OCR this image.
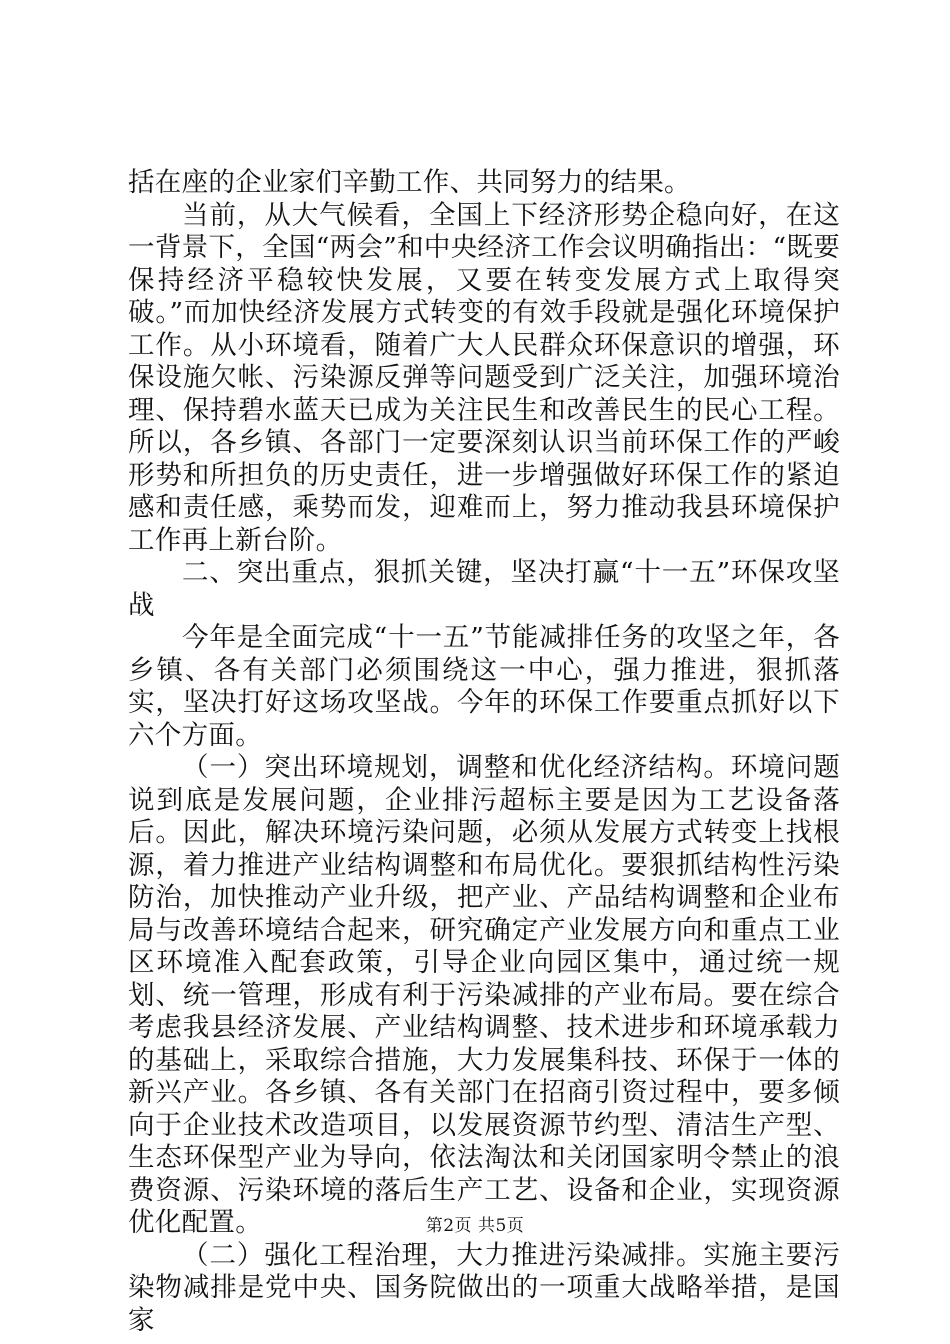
括在座的企业家们辛勤工作、共同努力的结果。

当前，从大气候看，全国上下经济形势企稳向好，在这一背景下，全国“两会”和中央经济工作会议明确指出：“既要保持经济平稳较快发展，又要在转变发展方式上取得突破。”而加快经济发展方式转变的有效手段就是强化环境保护工作。从小环境看，随着广大人民群众环保意识的增强，环保设施欠帐、污染源反弹等问题受到广泛关注，加强环境治理、保持碧水蓝天已成为关注民生和改善民生的民心工程。所以，各乡镇、各部门一定要深刻认识当前环保工作的严峻形势和所担负的历史责任，进一步增强做好环保工作的紧迫感和责任感，乘势而发，迎难而上，努力推动我县环境保护工作再上新台阶。

二、突出重点，狠抓关键，坚决打赢“十一五”环保攻坚战

今年是全面完成“十一五”节能减排任务的攻坚之年，各乡镇、各有关部门必须围绕这一中心，强力推进，狠抓落实，坚决打好这场攻坚战。今年的环保工作要重点抓好以下六个方面。

（一）突出环境规划，调整和优化经济结构。环境问题说到底是发展问题，企业排污超标主要是因为工艺设备落后。因此，解决环境污染问题，必须从发展方式转变上找根源，着力推进产业结构调整和布局优化。要狠抓结构性污染防治，加快推动产业升级，把产业、产品结构调整和企业布局与改善环境结合起来，研究确定产业发展方向和重点工业区环境准入配套政策，引导企业向园区集中，通过统一规划、统一管理，形成有利于污染减排的产业布局。要在综合考虑我县经济发展、产业结构调整、技术进步和环境承载力的基础上，采取综合措施，大力发展集科技、环保于一体的新兴产业。各乡镇、各有关部门在招商引资过程中，要多倾向于企业技术改造项目，以发展资源节约型、清洁生产型、生态环保型产业为导向，依法淘汰和关闭国家明令禁止的浪费资源、污染环境的落后生产工艺、设备和企业，实现资源优化配置。

（二）强化工程治理，大力推进污染减排。实施主要污染物减排是党中央、国务院做出的一项重大战略举措，是国家

第2页 共5页
